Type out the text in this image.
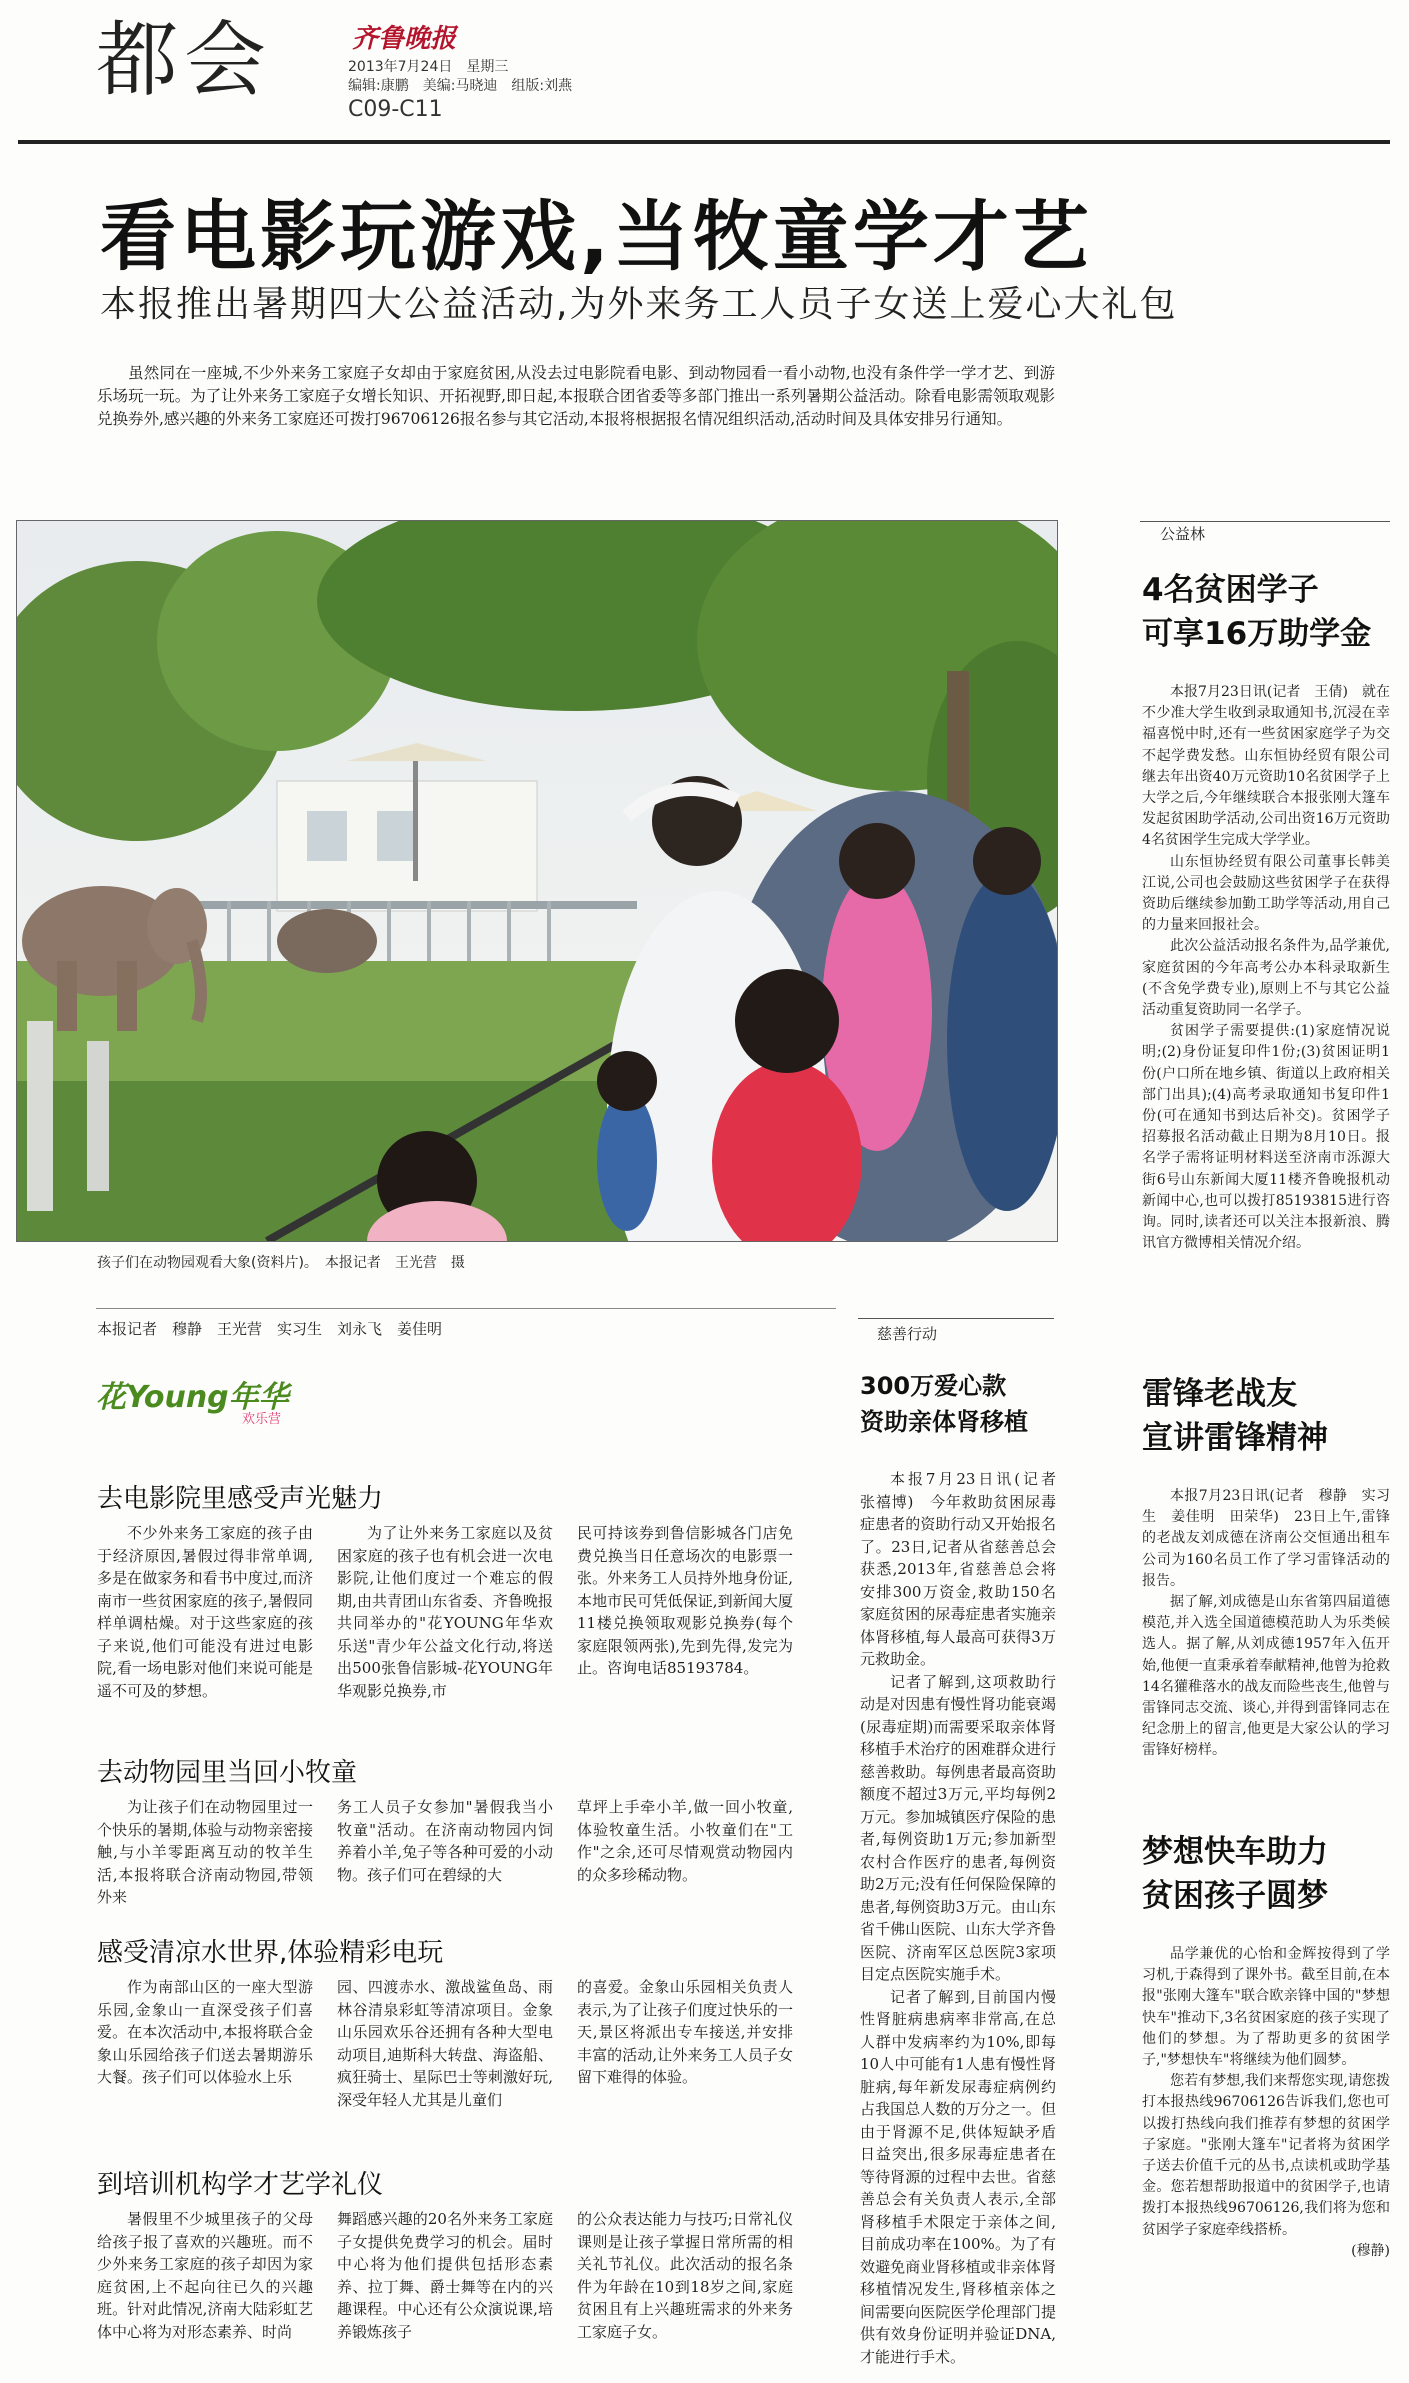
都会	齐鲁晚报
2013年7月24日　星期三
编辑:康鹏　美编:马晓迪　组版:刘燕
C09-C11
看电影玩游戏,当牧童学才艺
本报推出暑期四大公益活动,为外来务工人员子女送上爱心大礼包
虽然同在一座城,不少外来务工家庭子女却由于家庭贫困,从没去过电影院看电影、到动物园看一看小动物,也没有条件学一学才艺、到游乐场玩一玩。为了让外来务工家庭子女增长知识、开拓视野,即日起,本报联合团省委等多部门推出一系列暑期公益活动。除看电影需领取观影兑换券外,感兴趣的外来务工家庭还可拨打96706126报名参与其它活动,本报将根据报名情况组织活动,活动时间及具体安排另行通知。
孩子们在动物园观看大象(资料片)。　本报记者　王光营　摄
本报记者　穆静　王光营　实习生　刘永飞　姜佳明
花Young年华
欢乐营
去电影院里感受声光魅力

不少外来务工家庭的孩子由于经济原因,暑假过得非常单调,多是在做家务和看书中度过,而济南市一些贫困家庭的孩子,暑假同样单调枯燥。对于这些家庭的孩子来说,他们可能没有进过电影院,看一场电影对他们来说可能是遥不可及的梦想。

为了让外来务工家庭以及贫困家庭的孩子也有机会进一次电影院,让他们度过一个难忘的假期,由共青团山东省委、齐鲁晚报共同举办的"花YOUNG年华欢乐送"青少年公益文化行动,将送出500张鲁信影城-花YOUNG年华观影兑换券,市

民可持该券到鲁信影城各门店免费兑换当日任意场次的电影票一张。外来务工人员持外地身份证,本地市民可凭低保证,到新闻大厦11楼兑换领取观影兑换券(每个家庭限领两张),先到先得,发完为止。咨询电话85193784。
去动物园里当回小牧童

为让孩子们在动物园里过一个快乐的暑期,体验与动物亲密接触,与小羊零距离互动的牧羊生活,本报将联合济南动物园,带领外来

务工人员子女参加"暑假我当小牧童"活动。在济南动物园内饲养着小羊,兔子等各种可爱的小动物。孩子们可在碧绿的大
草坪上手牵小羊,做一回小牧童,体验牧童生活。小牧童们在"工作"之余,还可尽情观赏动物园内的众多珍稀动物。
感受清凉水世界,体验精彩电玩

作为南部山区的一座大型游乐园,金象山一直深受孩子们喜爱。在本次活动中,本报将联合金象山乐园给孩子们送去暑期游乐大餐。孩子们可以体验水上乐

园、四渡赤水、激战鲨鱼岛、雨林谷清泉彩虹等清凉项目。金象山乐园欢乐谷还拥有各种大型电动项目,迪斯科大转盘、海盗船、疯狂骑士、星际巴士等刺激好玩,深受年轻人尤其是儿童们
的喜爱。金象山乐园相关负责人表示,为了让孩子们度过快乐的一天,景区将派出专车接送,并安排丰富的活动,让外来务工人员子女留下难得的体验。
到培训机构学才艺学礼仪

暑假里不少城里孩子的父母给孩子报了喜欢的兴趣班。而不少外来务工家庭的孩子却因为家庭贫困,上不起向往已久的兴趣班。针对此情况,济南大陆彩虹艺体中心将为对形态素养、时尚

舞蹈感兴趣的20名外来务工家庭子女提供免费学习的机会。届时中心将为他们提供包括形态素养、拉丁舞、爵士舞等在内的兴趣课程。中心还有公众演说课,培养锻炼孩子
的公众表达能力与技巧;日常礼仪课则是让孩子掌握日常所需的相关礼节礼仪。此次活动的报名条件为年龄在10到18岁之间,家庭贫困且有上兴趣班需求的外来务工家庭子女。
慈善行动
300万爱心款
资助亲体肾移植

本报7月23日讯(记者　张禧博)　今年救助贫困尿毒症患者的资助行动又开始报名了。23日,记者从省慈善总会获悉,2013年,省慈善总会将安排300万资金,救助150名家庭贫困的尿毒症患者实施亲体肾移植,每人最高可获得3万元救助金。

记者了解到,这项救助行动是对因患有慢性肾功能衰竭(尿毒症期)而需要采取亲体肾移植手术治疗的困难群众进行慈善救助。每例患者最高资助额度不超过3万元,平均每例2万元。参加城镇医疗保险的患者,每例资助1万元;参加新型农村合作医疗的患者,每例资助2万元;没有任何保险保障的患者,每例资助3万元。由山东省千佛山医院、山东大学齐鲁医院、济南军区总医院3家项目定点医院实施手术。

记者了解到,目前国内慢性肾脏病患病率非常高,在总人群中发病率约为10%,即每10人中可能有1人患有慢性肾脏病,每年新发尿毒症病例约占我国总人数的万分之一。但由于肾源不足,供体短缺矛盾日益突出,很多尿毒症患者在等待肾源的过程中去世。省慈善总会有关负责人表示,全部肾移植手术限定于亲体之间,目前成功率在100%。为了有效避免商业肾移植或非亲体肾移植情况发生,肾移植亲体之间需要向医院医学伦理部门提供有效身份证明并验证DNA,才能进行手术。

公益林
4名贫困学子
可享16万助学金

本报7月23日讯(记者　王倩)　就在不少准大学生收到录取通知书,沉浸在幸福喜悦中时,还有一些贫困家庭学子为交不起学费发愁。山东恒协经贸有限公司继去年出资40万元资助10名贫困学子上大学之后,今年继续联合本报张刚大篷车发起贫困助学活动,公司出资16万元资助4名贫困学生完成大学学业。

山东恒协经贸有限公司董事长韩美江说,公司也会鼓励这些贫困学子在获得资助后继续参加勤工助学等活动,用自己的力量来回报社会。

此次公益活动报名条件为,品学兼优,家庭贫困的今年高考公办本科录取新生(不含免学费专业),原则上不与其它公益活动重复资助同一名学子。

贫困学子需要提供:(1)家庭情况说明;(2)身份证复印件1份;(3)贫困证明1份(户口所在地乡镇、街道以上政府相关部门出具);(4)高考录取通知书复印件1份(可在通知书到达后补交)。贫困学子招募报名活动截止日期为8月10日。报名学子需将证明材料送至济南市泺源大街6号山东新闻大厦11楼齐鲁晚报机动新闻中心,也可以拨打85193815进行咨询。同时,读者还可以关注本报新浪、腾讯官方微博相关情况介绍。

雷锋老战友
宣讲雷锋精神

本报7月23日讯(记者　穆静　实习生　姜佳明　田荣华)　23日上午,雷锋的老战友刘成德在济南公交恒通出租车公司为160名员工作了学习雷锋活动的报告。

据了解,刘成德是山东省第四届道德模范,并入选全国道德模范助人为乐类候选人。据了解,从刘成德1957年入伍开始,他便一直秉承着奉献精神,他曾为抢救14名獾稚落水的战友而险些丧生,他曾与雷锋同志交流、谈心,并得到雷锋同志在纪念册上的留言,他更是大家公认的学习雷锋好榜样。

梦想快车助力
贫困孩子圆梦

品学兼优的心怡和金辉按得到了学习机,于森得到了课外书。截至目前,在本报"张刚大篷车"联合欧亲锋中国的"梦想快车"推动下,3名贫困家庭的孩子实现了他们的梦想。为了帮助更多的贫困学子,"梦想快车"将继续为他们圆梦。

您若有梦想,我们来帮您实现,请您拨打本报热线96706126告诉我们,您也可以拨打热线向我们推荐有梦想的贫困学子家庭。"张刚大篷车"记者将为贫困学子送去价值千元的丛书,点读机或助学基金。您若想帮助报道中的贫困学子,也请拨打本报热线96706126,我们将为您和贫困学子家庭牵线搭桥。

(穆静)
